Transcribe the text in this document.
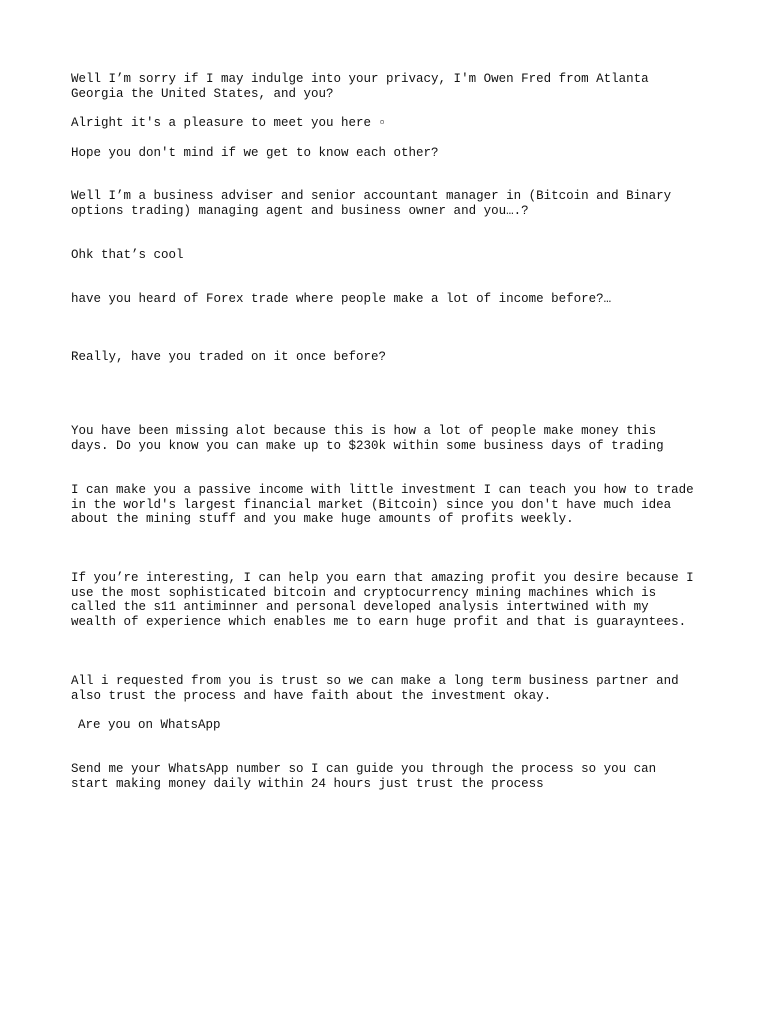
Well I’m sorry if I may indulge into your privacy, I'm Owen Fred from Atlanta

Georgia the United States, and you?

Alright it's a pleasure to meet you here ▫

Hope you don't mind if we get to know each other?

Well I’m a business adviser and senior accountant manager in (Bitcoin and Binary

options trading) managing agent and business owner and you….?

Ohk that’s cool

have you heard of Forex trade where people make a lot of income before?…

Really, have you traded on it once before?

You have been missing alot because this is how a lot of people make money this

days. Do you know you can make up to $230k within some business days of trading

I can make you a passive income with little investment I can teach you how to trade

in the world's largest financial market (Bitcoin) since you don't have much idea

about the mining stuff and you make huge amounts of profits weekly.

If you’re interesting, I can help you earn that amazing profit you desire because I

use the most sophisticated bitcoin and cryptocurrency mining machines which is

called the s11 antiminner and personal developed analysis intertwined with my

wealth of experience which enables me to earn huge profit and that is guarayntees.

All i requested from you is trust so we can make a long term business partner and

also trust the process and have faith about the investment okay.

Are you on WhatsApp

Send me your WhatsApp number so I can guide you through the process so you can

start making money daily within 24 hours just trust the process
